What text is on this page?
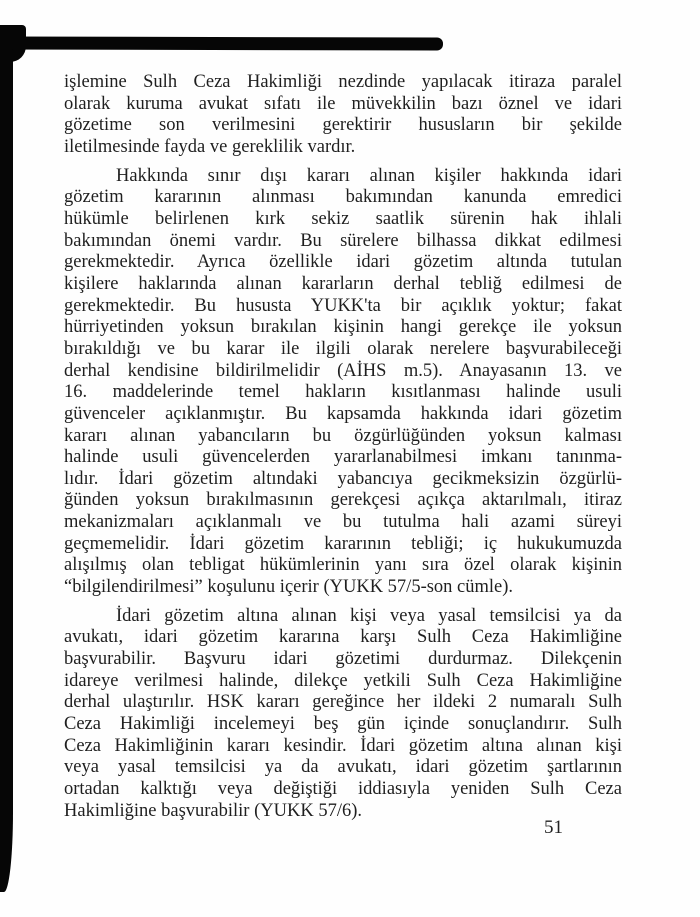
işlemine Sulh Ceza Hakimliği nezdinde yapılacak itiraza paralel
olarak kuruma avukat sıfatı ile müvekkilin bazı öznel ve idari
gözetime son verilmesini gerektirir hususların bir şekilde
iletilmesinde fayda ve gereklilik vardır.
Hakkında sınır dışı kararı alınan kişiler hakkında idari
gözetim kararının alınması bakımından kanunda emredici
hükümle belirlenen kırk sekiz saatlik sürenin hak ihlali
bakımından önemi vardır. Bu sürelere bilhassa dikkat edilmesi
gerekmektedir. Ayrıca özellikle idari gözetim altında tutulan
kişilere haklarında alınan kararların derhal tebliğ edilmesi de
gerekmektedir. Bu hususta YUKK'ta bir açıklık yoktur; fakat
hürriyetinden yoksun bırakılan kişinin hangi gerekçe ile yoksun
bırakıldığı ve bu karar ile ilgili olarak nerelere başvurabileceği
derhal kendisine bildirilmelidir (AİHS m.5). Anayasanın 13. ve
16. maddelerinde temel hakların kısıtlanması halinde usuli
güvenceler açıklanmıştır. Bu kapsamda hakkında idari gözetim
kararı alınan yabancıların bu özgürlüğünden yoksun kalması
halinde usuli güvencelerden yararlanabilmesi imkanı tanınma-
lıdır. İdari gözetim altındaki yabancıya gecikmeksizin özgürlü-
ğünden yoksun bırakılmasının gerekçesi açıkça aktarılmalı, itiraz
mekanizmaları açıklanmalı ve bu tutulma hali azami süreyi
geçmemelidir. İdari gözetim kararının tebliği; iç hukukumuzda
alışılmış olan tebligat hükümlerinin yanı sıra özel olarak kişinin
“bilgilendirilmesi” koşulunu içerir (YUKK 57/5-son cümle).
İdari gözetim altına alınan kişi veya yasal temsilcisi ya da
avukatı, idari gözetim kararına karşı Sulh Ceza Hakimliğine
başvurabilir. Başvuru idari gözetimi durdurmaz. Dilekçenin
idareye verilmesi halinde, dilekçe yetkili Sulh Ceza Hakimliğine
derhal ulaştırılır. HSK kararı gereğince her ildeki 2 numaralı Sulh
Ceza Hakimliği incelemeyi beş gün içinde sonuçlandırır. Sulh
Ceza Hakimliğinin kararı kesindir. İdari gözetim altına alınan kişi
veya yasal temsilcisi ya da avukatı, idari gözetim şartlarının
ortadan kalktığı veya değiştiği iddiasıyla yeniden Sulh Ceza
Hakimliğine başvurabilir (YUKK 57/6).
51
